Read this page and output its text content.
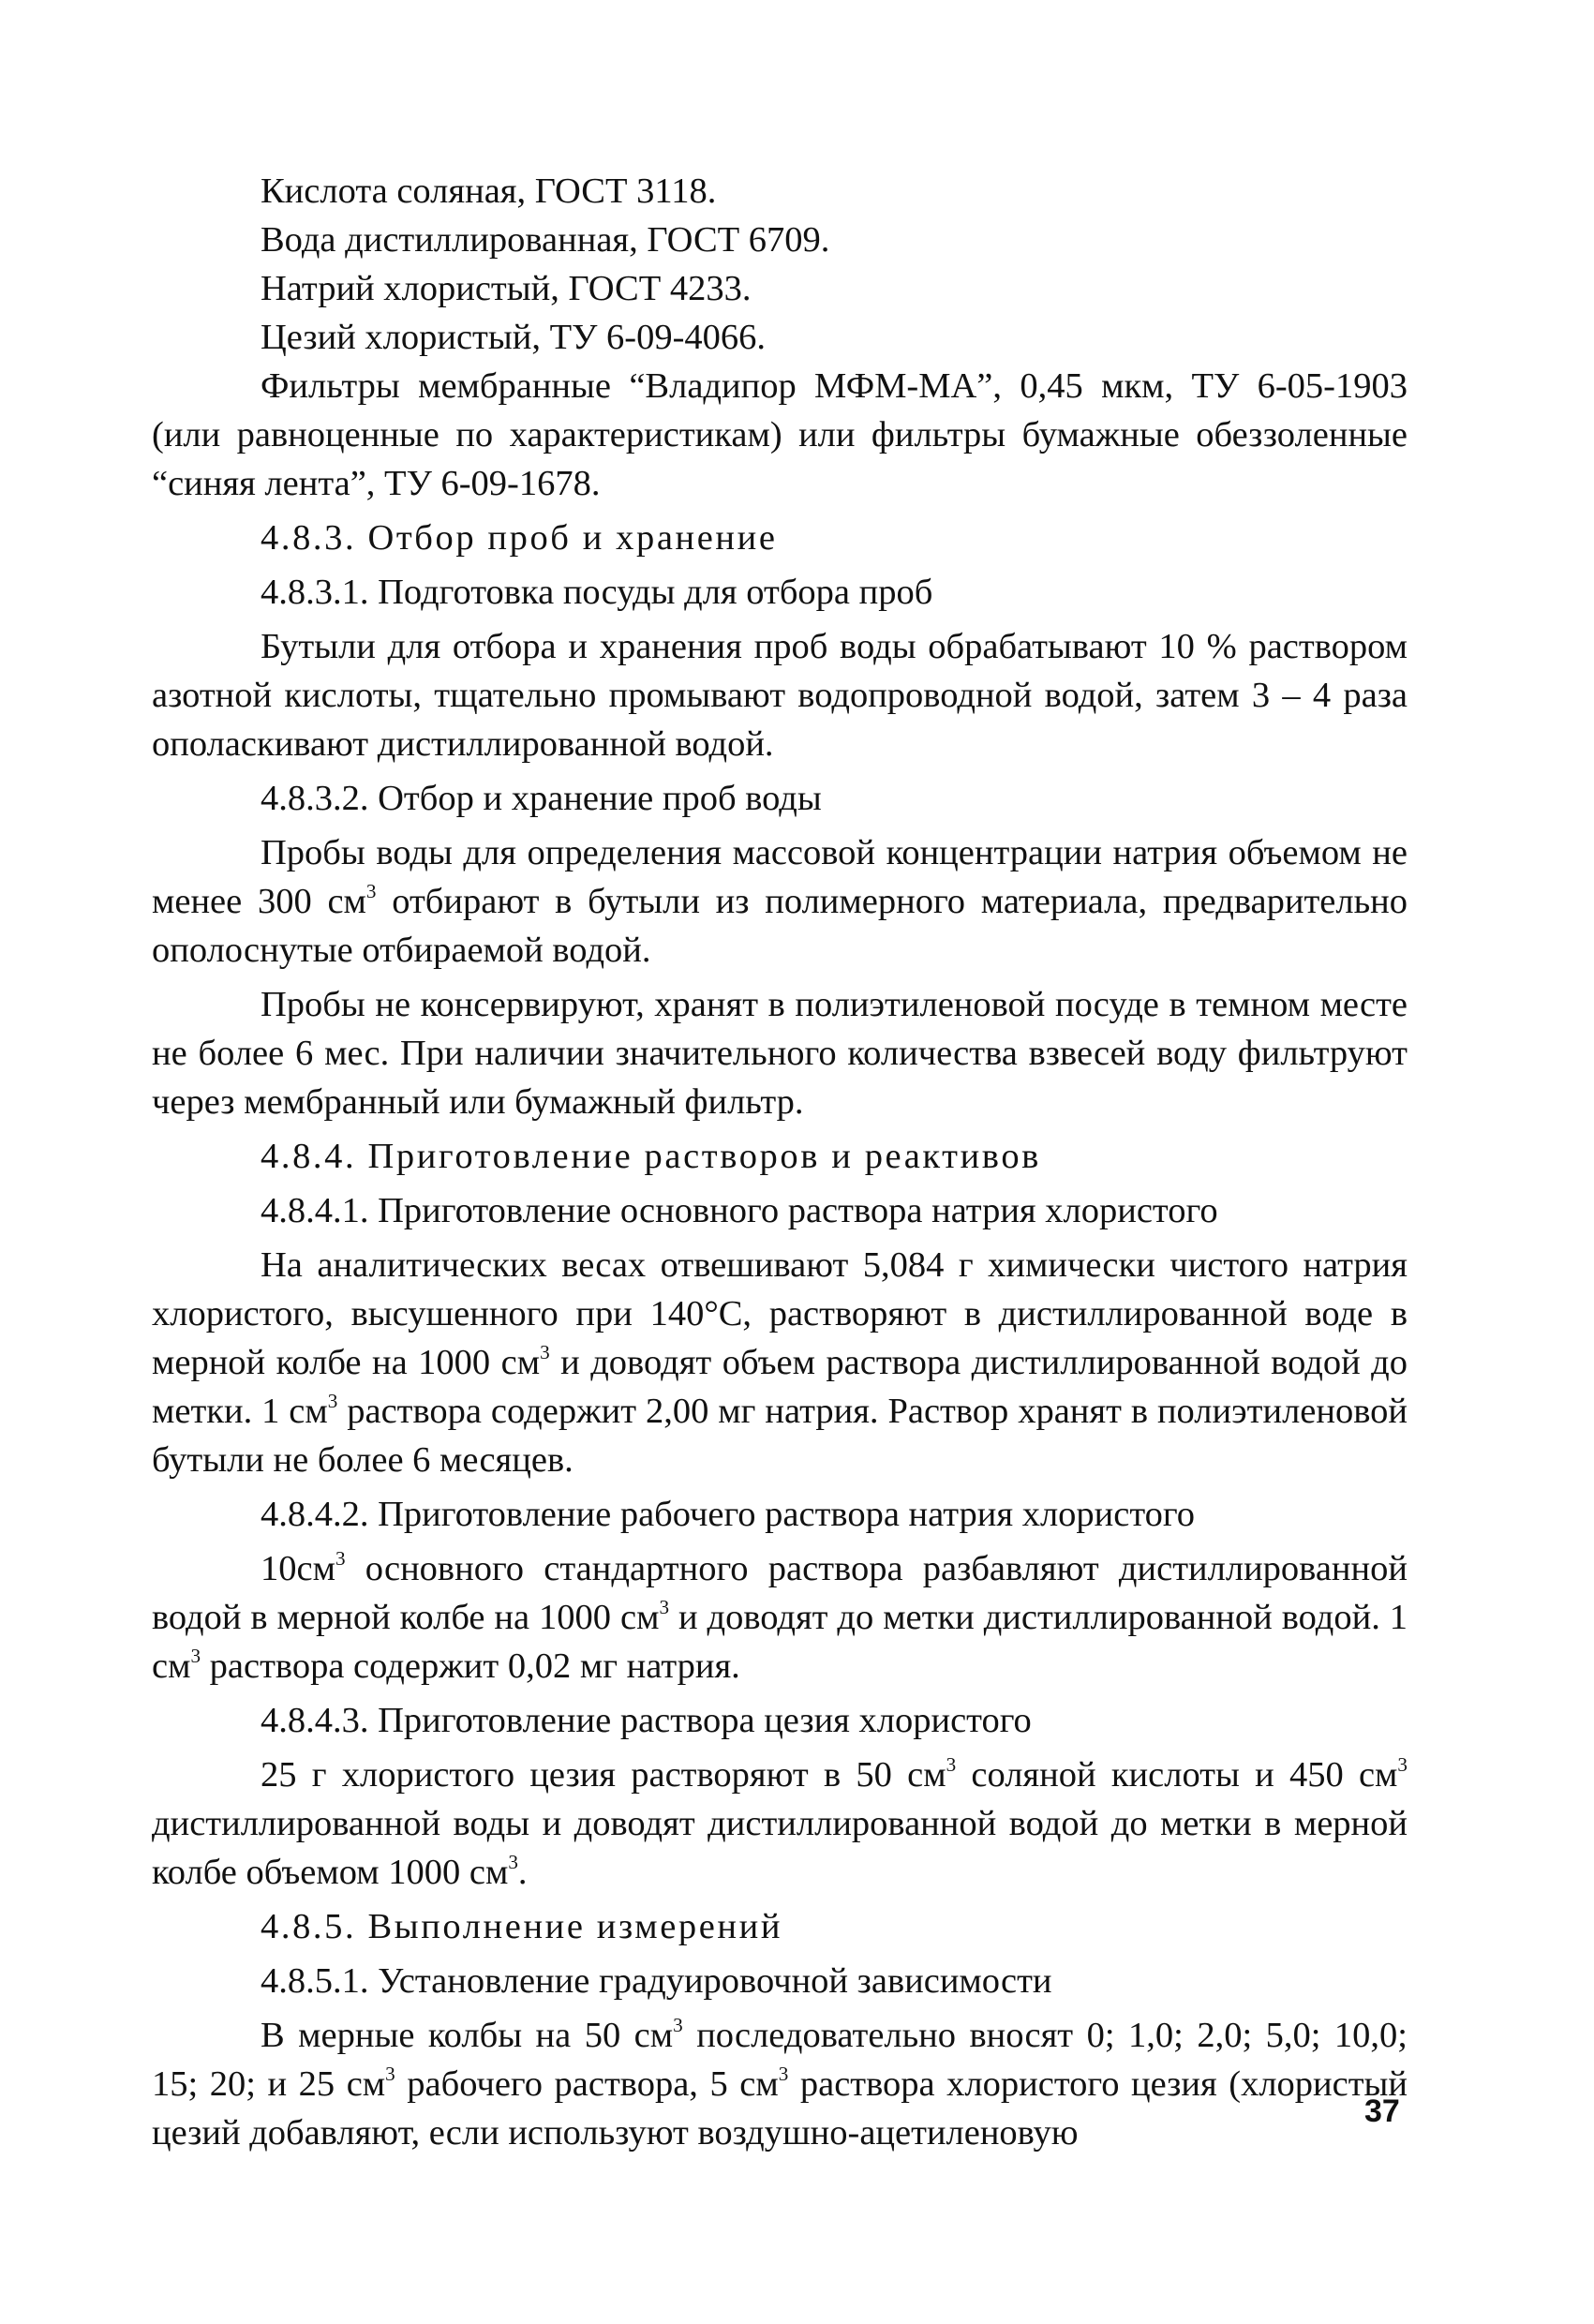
Кислота соляная, ГОСТ 3118.

Вода дистиллированная, ГОСТ 6709.

Натрий хлористый, ГОСТ 4233.

Цезий хлористый, ТУ 6-09-4066.

Фильтры мембранные “Владипор МФМ-МА”, 0,45 мкм, ТУ 6-05-1903 (или равноценные по характеристикам) или фильтры бумажные обеззоленные “синяя лента”, ТУ 6-09-1678.

4.8.3. Отбор проб и хранение

4.8.3.1. Подготовка посуды для отбора проб

Бутыли для отбора и хранения проб воды обрабатывают 10 % раствором азотной кислоты, тщательно промывают водопроводной водой, затем 3 – 4 раза ополаскивают дистиллированной водой.

4.8.3.2. Отбор и хранение проб воды

Пробы воды для определения массовой концентрации натрия объемом не менее 300 $см^3$ отбирают в бутыли из полимерного материала, предварительно ополоснутые отбираемой водой.

Пробы не консервируют, хранят в полиэтиленовой посуде в темном месте не более 6 мес. При наличии значительного количества взвесей воду фильтруют через мембранный или бумажный фильтр.

4.8.4. Приготовление растворов и реактивов

4.8.4.1. Приготовление основного раствора натрия хлористого

На аналитических весах отвешивают 5,084 г химически чистого натрия хлористого, высушенного при 140°С, растворяют в дистиллированной воде в мерной колбе на 1000 $см^3$ и доводят объем раствора дистиллированной водой до метки. 1 $см^3$ раствора содержит 2,00 мг натрия. Раствор хранят в полиэтиленовой бутыли не более 6 месяцев.

4.8.4.2. Приготовление рабочего раствора натрия хлористого

$10см^3$ основного стандартного раствора разбавляют дистиллированной водой в мерной колбе на 1000 $см^3$ и доводят до метки дистиллированной водой. 1 $см^3$ раствора содержит 0,02 мг натрия.

4.8.4.3. Приготовление раствора цезия хлористого

25 г хлористого цезия растворяют в 50 $см^3$ соляной кислоты и 450 $см^3$ дистиллированной воды и доводят дистиллированной водой до метки в мерной колбе объемом 1000 $см^3$.

4.8.5. Выполнение измерений

4.8.5.1. Установление градуировочной зависимости

В мерные колбы на 50 $см^3$ последовательно вносят 0; 1,0; 2,0; 5,0; 10,0; 15; 20; и 25 $см^3$ рабочего раствора, 5 $см^3$ раствора хлористого цезия (хлористый цезий добавляют, если используют воздушно-ацетиленовую

37
